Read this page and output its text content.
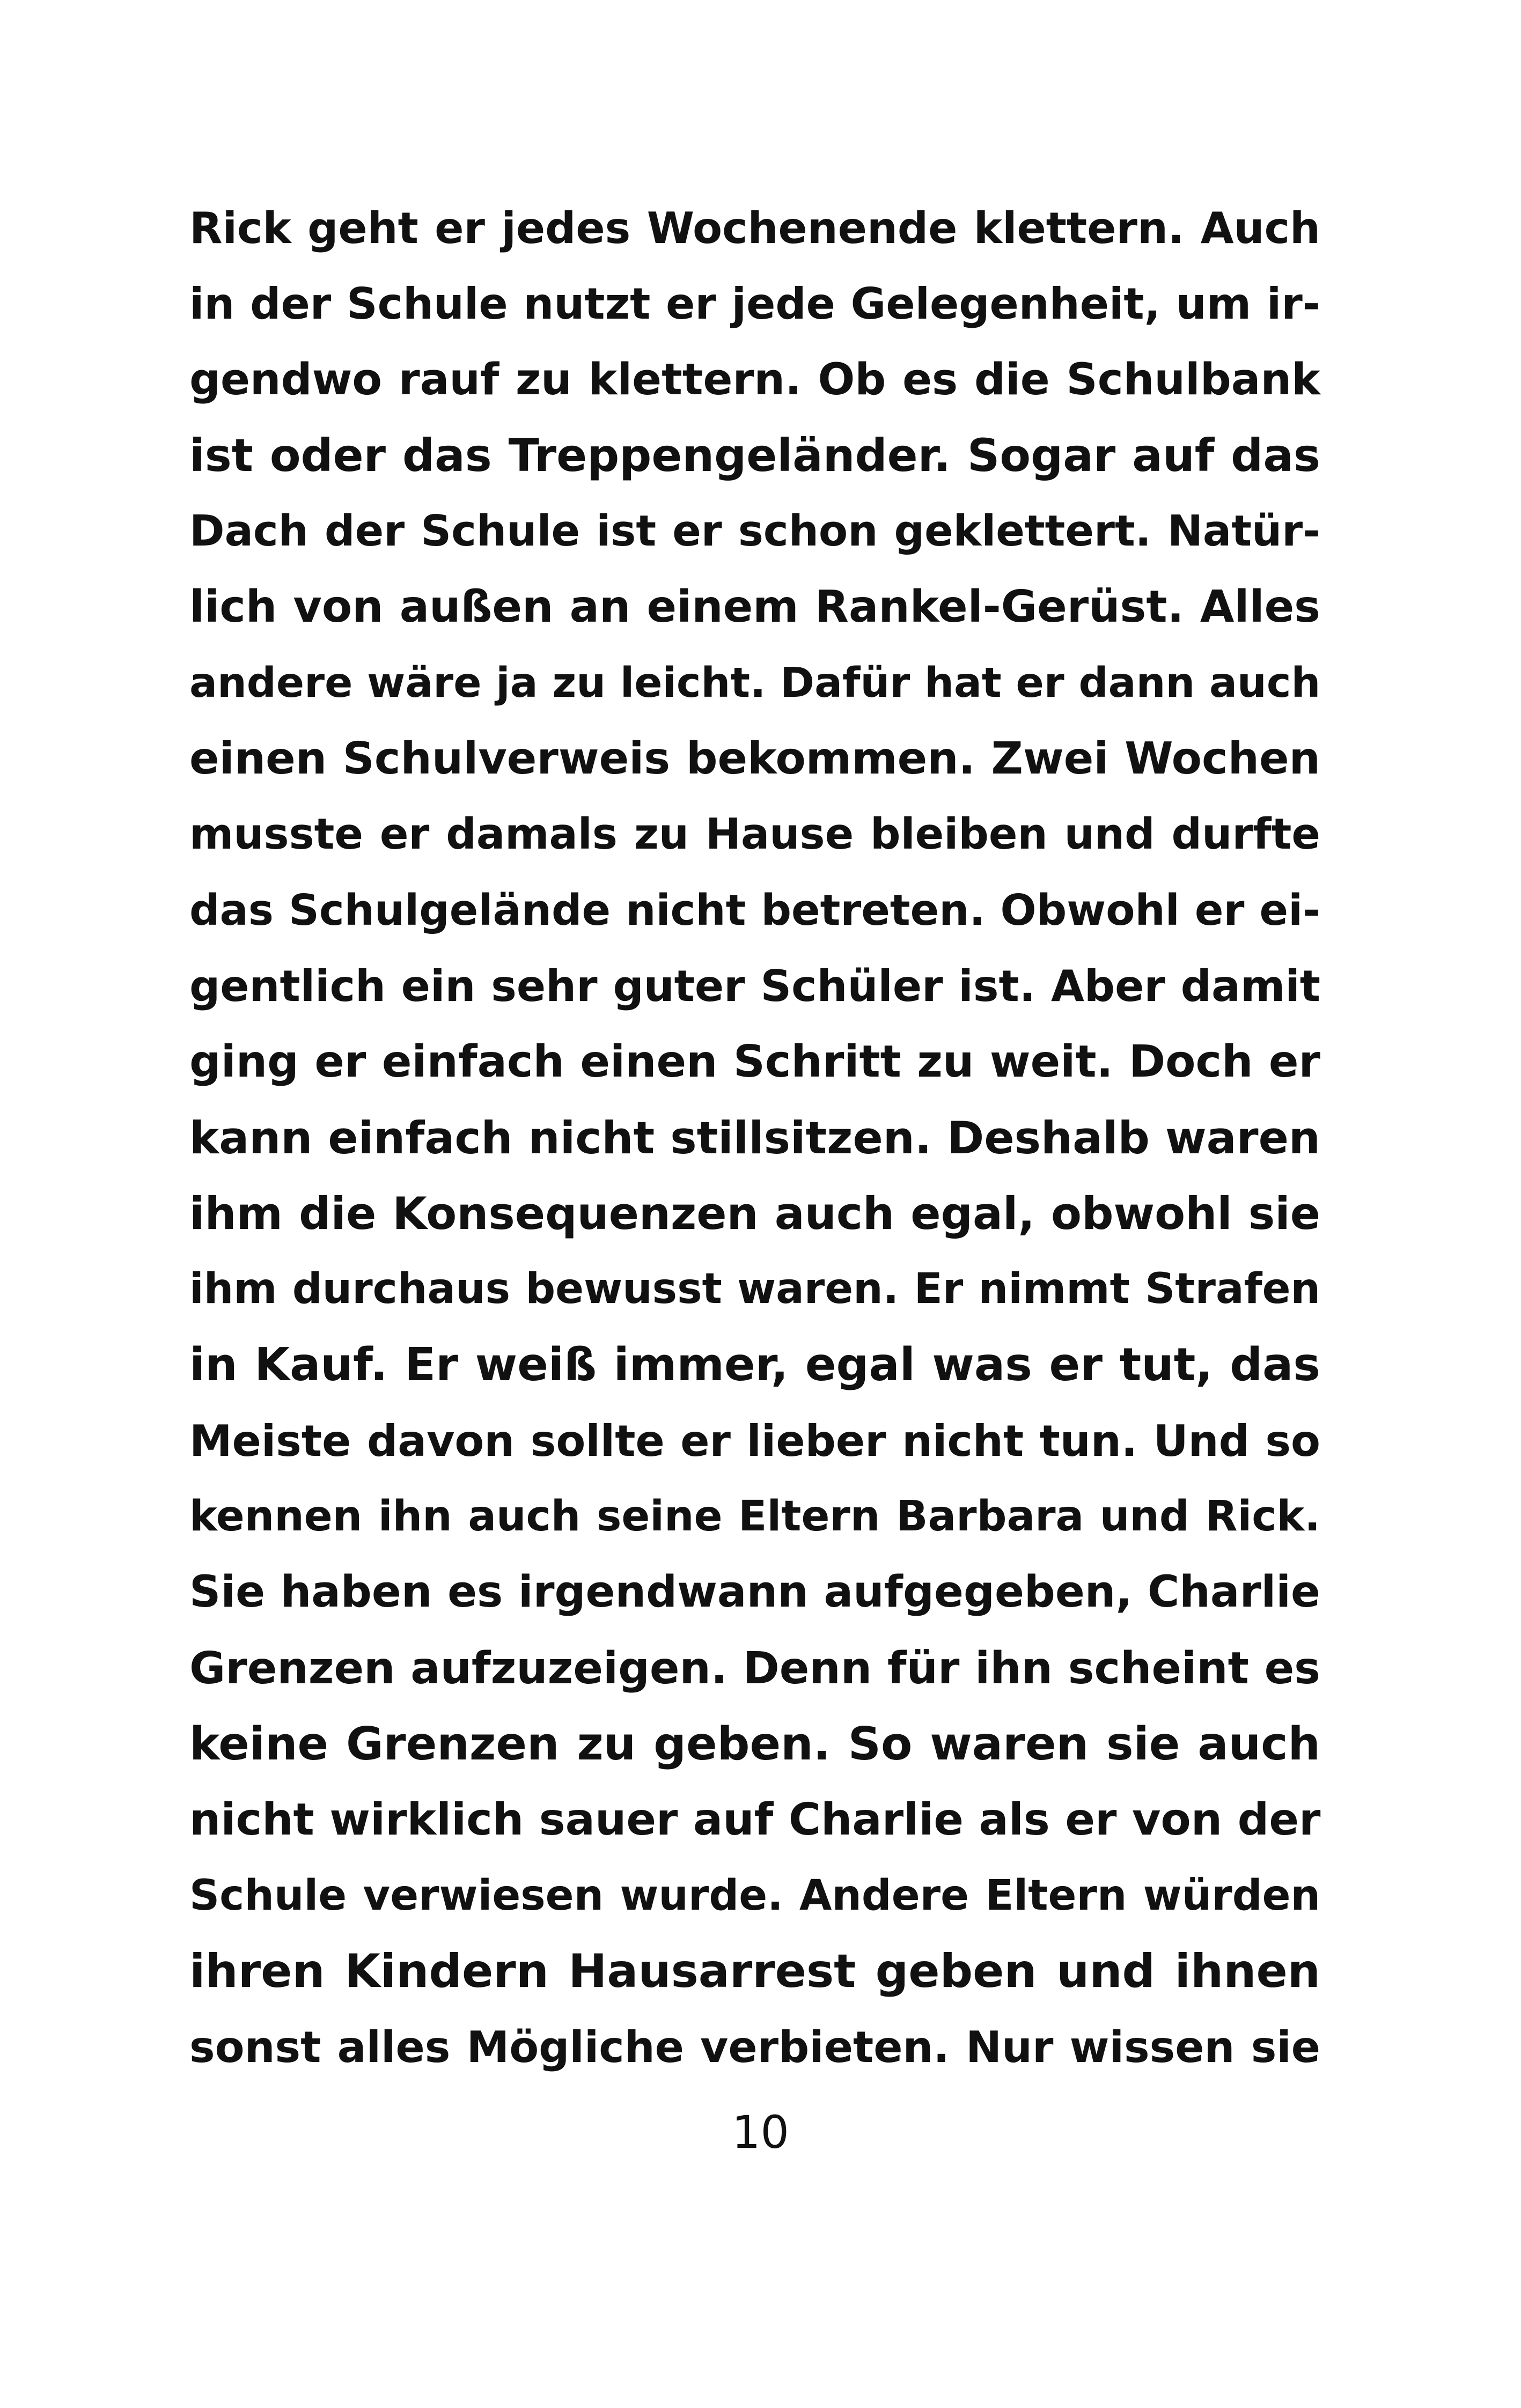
Rick geht er jedes Wochenende klettern. Auch
in der Schule nutzt er jede Gelegenheit, um ir-
gendwo rauf zu klettern. Ob es die Schulbank
ist oder das Treppengeländer. Sogar auf das
Dach der Schule ist er schon geklettert. Natür-
lich von außen an einem Rankel-Gerüst. Alles
andere wäre ja zu leicht. Dafür hat er dann auch
einen Schulverweis bekommen. Zwei Wochen
musste er damals zu Hause bleiben und durfte
das Schulgelände nicht betreten. Obwohl er ei-
gentlich ein sehr guter Schüler ist. Aber damit
ging er einfach einen Schritt zu weit. Doch er
kann einfach nicht stillsitzen. Deshalb waren
ihm die Konsequenzen auch egal, obwohl sie
ihm durchaus bewusst waren. Er nimmt Strafen
in Kauf. Er weiß immer, egal was er tut, das
Meiste davon sollte er lieber nicht tun. Und so
kennen ihn auch seine Eltern Barbara und Rick.
Sie haben es irgendwann aufgegeben, Charlie
Grenzen aufzuzeigen. Denn für ihn scheint es
keine Grenzen zu geben. So waren sie auch
nicht wirklich sauer auf Charlie als er von der
Schule verwiesen wurde. Andere Eltern würden
ihren Kindern Hausarrest geben und ihnen
sonst alles Mögliche verbieten. Nur wissen sie
10
